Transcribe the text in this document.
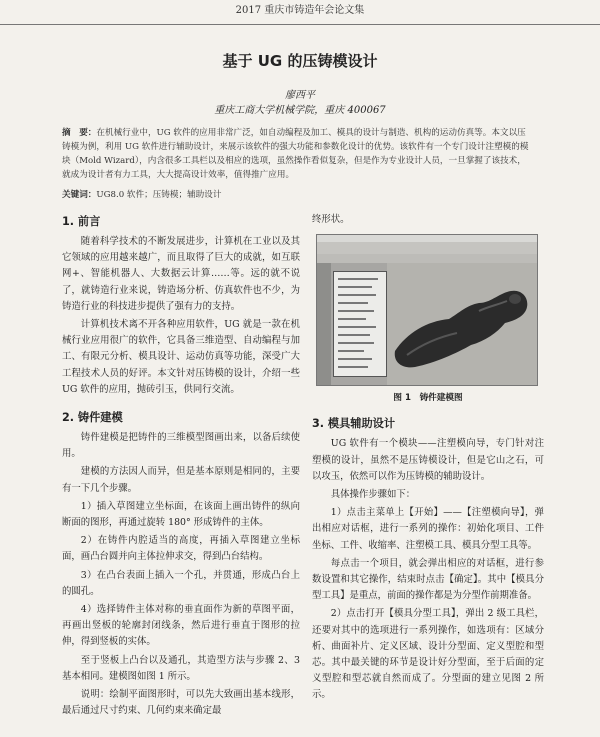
2017 重庆市铸造年会论文集
基于 UG 的压铸模设计
廖西平
重庆工商大学机械学院，重庆 400067
摘　要：在机械行业中，UG 软件的应用非常广泛，如自动编程及加工、模具的设计与制造、机构的运动仿真等。本文以压铸模为例，利用 UG 软件进行辅助设计，来展示该软件的强大功能和参数化设计的优势。该软件有一个专门设计注塑模的模块（Mold Wizard），内含很多工具栏以及相应的选项，虽然操作看似复杂，但是作为专业设计人员，一旦掌握了该技术，就成为设计者有力工具，大大提高设计效率，值得推广应用。
关键词：UG8.0 软件；压铸模；辅助设计
1. 前言

随着科学技术的不断发展进步，计算机在工业以及其它领域的应用越来越广，而且取得了巨大的成就，如互联网+、智能机器人、大数据云计算……等。远的就不说了，就铸造行业来说，铸造场分析、仿真软件也不少，为铸造行业的科技进步提供了强有力的支持。

计算机技术离不开各种应用软件，UG 就是一款在机械行业应用很广的软件，它具备三维造型、自动编程与加工、有限元分析、模具设计、运动仿真等功能，深受广大工程技术人员的好评。本文针对压铸模的设计，介绍一些 UG 软件的应用，抛砖引玉，供同行交流。

2. 铸件建模

铸件建模是把铸件的三维模型图画出来，以备后续使用。

建模的方法因人而异，但是基本原则是相同的，主要有一下几个步骤。

1）插入草图建立坐标面，在该面上画出铸件的纵向断面的图形，再通过旋转 180° 形成铸件的主体。

2）在铸件内腔适当的高度，再插入草图建立坐标面，画凸台圆并向主体拉伸求交，得到凸台结构。

3）在凸台表面上插入一个孔，并贯通，形成凸台上的圆孔。

4）选择铸件主体对称的垂直面作为新的草图平面，再画出竖板的轮廓封闭线条，然后进行垂直于图形的拉伸，得到竖板的实体。

至于竖板上凸台以及通孔，其造型方法与步骤 2、3 基本相同。建模图如图 1 所示。

说明：绘制平面图形时，可以先大致画出基本线形，最后通过尺寸约束、几何约束来确定最

终形状。

图 1　铸件建模图
3. 模具辅助设计

UG 软件有一个模块——注塑模向导，专门针对注塑模的设计，虽然不是压铸模设计，但是它山之石，可以攻玉，依然可以作为压铸模的辅助设计。

具体操作步骤如下：

1）点击主菜单上【开始】——【注塑模向导】，弹出相应对话框，进行一系列的操作：初始化项目、工件坐标、工件、收缩率、注塑模工具、模具分型工具等。

每点击一个项目，就会弹出相应的对话框，进行参数设置和其它操作，结束时点击【确定】。其中【模具分型工具】是重点，前面的操作都是为分型作前期准备。

2）点击打开【模具分型工具】，弹出 2 级工具栏，还要对其中的选项进行一系列操作，如选项有：区域分析、曲面补片、定义区域、设计分型面、定义型腔和型芯。其中最关键的环节是设计好分型面，至于后面的定义型腔和型芯就自然而成了。分型面的建立见图 2 所示。
